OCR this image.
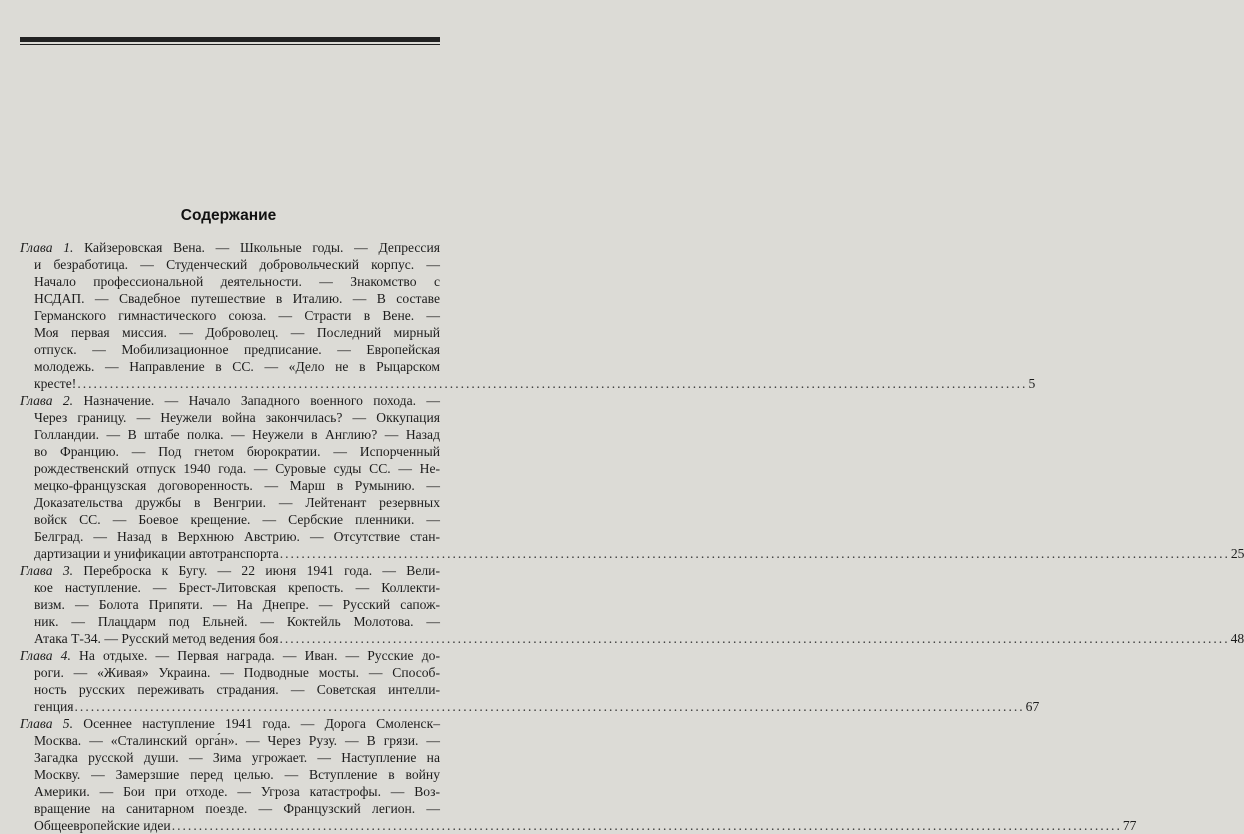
Содержание
Глава 1. Кайзеровская Вена. — Школьные годы. — Депрессия
и безработица. — Студенческий добровольческий корпус. —
Начало профессиональной деятельности. — Знакомство с
НСДАП. — Свадебное путешествие в Италию. — В составе
Германского гимнастического союза. — Страсти в Вене. —
Моя первая миссия. — Доброволец. — Последний мирный
отпуск. — Мобилизационное предписание. — Европейская
молодежь. — Направление в СС. — «Дело не в Рыцарском
кресте! ................................................................................................................................................................................ 5
Глава 2. Назначение. — Начало Западного военного похода. —
Через границу. — Неужели война закончилась? — Оккупация
Голландии. — В штабе полка. — Неужели в Англию? — Назад
во Францию. — Под гнетом бюрократии. — Испорченный
рождественский отпуск 1940 года. — Суровые суды СС. — Не-
мецко-французская договоренность. — Марш в Румынию. —
Доказательства дружбы в Венгрии. — Лейтенант резервных
войск СС. — Боевое крещение. — Сербские пленники. —
Белград. — Назад в Верхнюю Австрию. — Отсутствие стан-
дартизации и унификации автотранспорта ................................................................................................................................................................................ 25
Глава 3. Переброска к Бугу. — 22 июня 1941 года. — Вели-
кое наступление. — Брест-Литовская крепость. — Коллекти-
визм. — Болота Припяти. — На Днепре. — Русский сапож-
ник. — Плацдарм под Ельней. — Коктейль Молотова. —
Атака Т-34. — Русский метод ведения боя ................................................................................................................................................................................ 48
Глава 4. На отдыхе. — Первая награда. — Иван. — Русские до-
роги. — «Живая» Украина. — Подводные мосты. — Способ-
ность русских переживать страдания. — Советская интелли-
генция ................................................................................................................................................................................ 67
Глава 5. Осеннее наступление 1941 года. — Дорога Смоленск–
Москва. — «Сталинский орга́н». — Через Рузу. — В грязи. —
Загадка русской души. — Зима угрожает. — Наступление на
Москву. — Замерзшие перед целью. — Вступление в войну
Америки. — Бои при отходе. — Угроза катастрофы. — Воз-
вращение на санитарном поезде. — Французский легион. —
Общеевропейские идеи ................................................................................................................................................................................ 77
